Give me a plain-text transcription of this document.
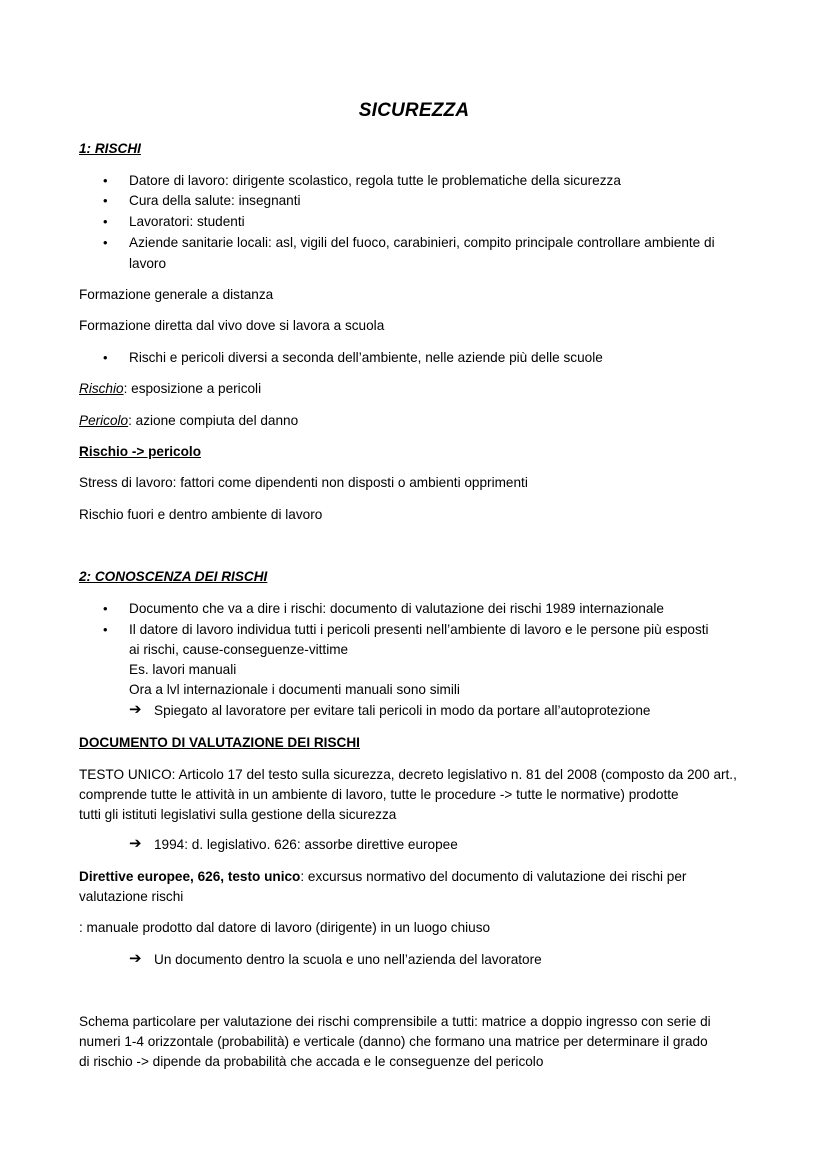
SICUREZZA
1: RISCHI
• Datore di lavoro: dirigente scolastico, regola tutte le problematiche della sicurezza
• Cura della salute: insegnanti
• Lavoratori: studenti
• Aziende sanitarie locali: asl, vigili del fuoco, carabinieri, compito principale controllare ambiente di
lavoro
Formazione generale a distanza
Formazione diretta dal vivo dove si lavora a scuola
• Rischi e pericoli diversi a seconda dell’ambiente, nelle aziende più delle scuole
Rischio: esposizione a pericoli
Pericolo: azione compiuta del danno
Rischio -> pericolo
Stress di lavoro: fattori come dipendenti non disposti o ambienti opprimenti
Rischio fuori e dentro ambiente di lavoro
2: CONOSCENZA DEI RISCHI
• Documento che va a dire i rischi: documento di valutazione dei rischi 1989 internazionale
• Il datore di lavoro individua tutti i pericoli presenti nell’ambiente di lavoro e le persone più esposti
ai rischi, cause-conseguenze-vittime
Es. lavori manuali
Ora a lvl internazionale i documenti manuali sono simili
➔ Spiegato al lavoratore per evitare tali pericoli in modo da portare all’autoprotezione
DOCUMENTO DI VALUTAZIONE DEI RISCHI
TESTO UNICO: Articolo 17 del testo sulla sicurezza, decreto legislativo n. 81 del 2008 (composto da 200 art.,
comprende tutte le attività in un ambiente di lavoro, tutte le procedure -> tutte le normative) prodotte
tutti gli istituti legislativi sulla gestione della sicurezza
➔ 1994: d. legislativo. 626: assorbe direttive europee
Direttive europee, 626, testo unico: excursus normativo del documento di valutazione dei rischi per
valutazione rischi
: manuale prodotto dal datore di lavoro (dirigente) in un luogo chiuso
➔ Un documento dentro la scuola e uno nell’azienda del lavoratore
Schema particolare per valutazione dei rischi comprensibile a tutti: matrice a doppio ingresso con serie di
numeri 1-4 orizzontale (probabilità) e verticale (danno) che formano una matrice per determinare il grado
di rischio -> dipende da probabilità che accada e le conseguenze del pericolo
